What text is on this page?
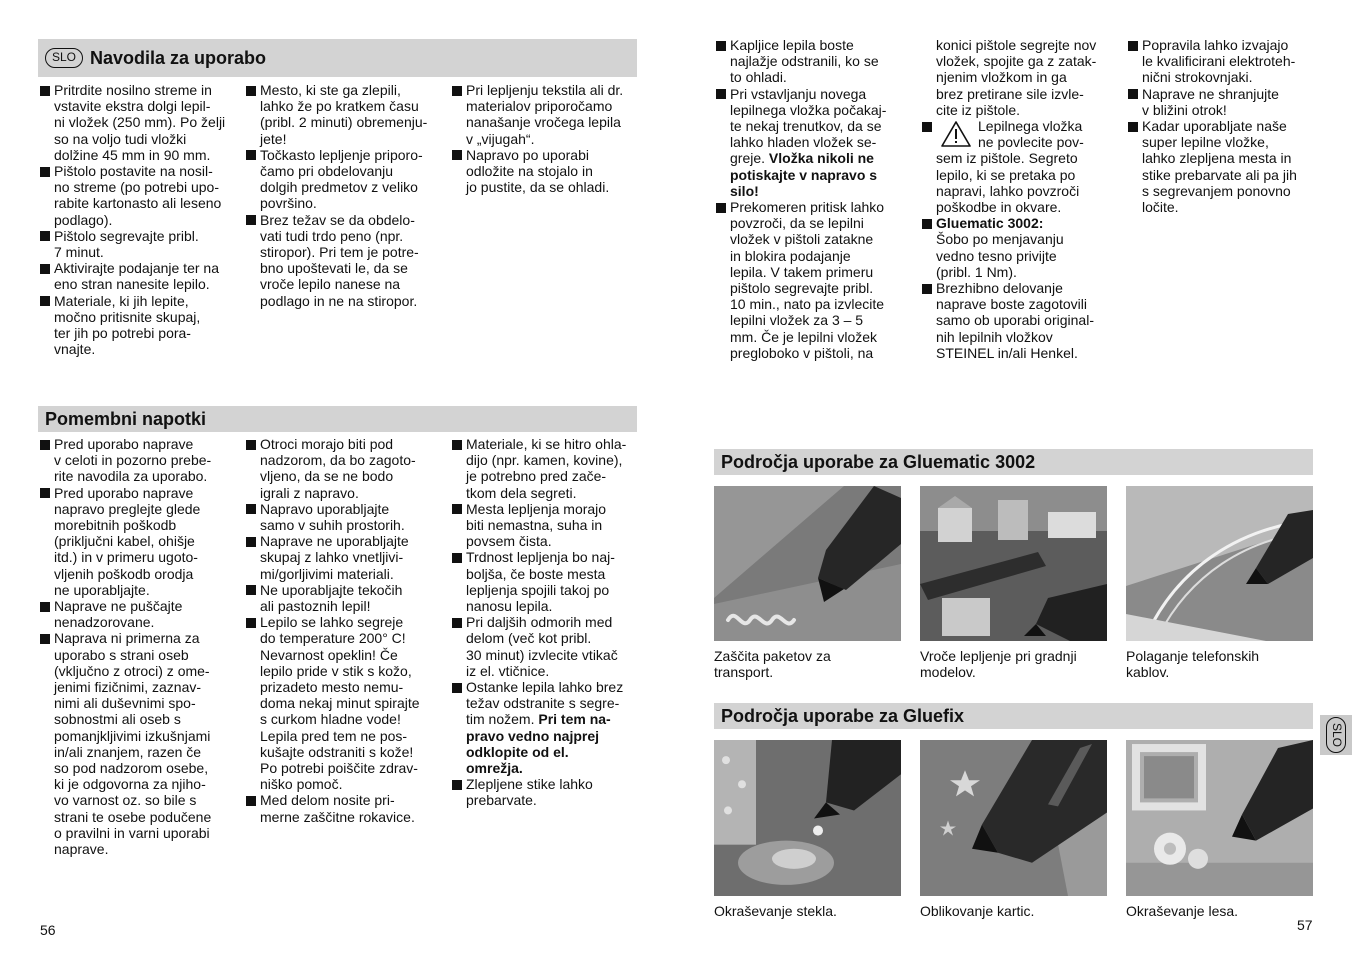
SLO Navodila za uporabo
Pritrdite nosilno streme in
vstavite ekstra dolgi lepil-
ni vložek (250 mm). Po želji
so na voljo tudi vložki
dolžine 45 mm in 90 mm.
Pištolo postavite na nosil-
no streme (po potrebi upo-
rabite kartonasto ali leseno
podlago).
Pištolo segrevajte pribl.
7 minut.
Aktivirajte podajanje ter na
eno stran nanesite lepilo.
Materiale, ki jih lepite,
močno pritisnite skupaj,
ter jih po potrebi pora-
vnajte.
Mesto, ki ste ga zlepili,
lahko že po kratkem času
(pribl. 2 minuti) obremenju-
jete!
Točkasto lepljenje priporo-
čamo pri obdelovanju
dolgih predmetov z veliko
površino.
Brez težav se da obdelo-
vati tudi trdo peno (npr.
stiropor). Pri tem je potre-
bno upoštevati le, da se
vroče lepilo nanese na
podlago in ne na stiropor.
Pri lepljenju tekstila ali dr.
materialov priporočamo
nanašanje vročega lepila
v „vijugah“.
Napravo po uporabi
odložite na stojalo in
jo pustite, da se ohladi.
Pomembni napotki
Pred uporabo naprave
v celoti in pozorno prebe-
rite navodila za uporabo.
Pred uporabo naprave
napravo preglejte glede
morebitnih poškodb
(priključni kabel, ohišje
itd.) in v primeru ugoto-
vljenih poškodb orodja
ne uporabljajte.
Naprave ne puščajte
nenadzorovane.
Naprava ni primerna za
uporabo s strani oseb
(vključno z otroci) z ome-
jenimi fizičnimi, zaznav-
nimi ali duševnimi spo-
sobnostmi ali oseb s
pomanjkljivimi izkušnjami
in/ali znanjem, razen če
so pod nadzorom osebe,
ki je odgovorna za njiho-
vo varnost oz. so bile s
strani te osebe podučene
o pravilni in varni uporabi
naprave.
Otroci morajo biti pod
nadzorom, da bo zagoto-
vljeno, da se ne bodo
igrali z napravo.
Napravo uporabljajte
samo v suhih prostorih.
Naprave ne uporabljajte
skupaj z lahko vnetljivi-
mi/gorljivimi materiali.
Ne uporabljajte tekočih
ali pastoznih lepil!
Lepilo se lahko segreje
do temperature 200° C!
Nevarnost opeklin! Če
lepilo pride v stik s kožo,
prizadeto mesto nemu-
doma nekaj minut spirajte
s curkom hladne vode!
Lepila pred tem ne pos-
kušajte odstraniti s kože!
Po potrebi poiščite zdrav-
niško pomoč.
Med delom nosite pri-
merne zaščitne rokavice.
Materiale, ki se hitro ohla-
dijo (npr. kamen, kovine),
je potrebno pred zače-
tkom dela segreti.
Mesta lepljenja morajo
biti nemastna, suha in
povsem čista.
Trdnost lepljenja bo naj-
boljša, če boste mesta
lepljenja spojili takoj po
nanosu lepila.
Pri daljših odmorih med
delom (več kot pribl.
30 minut) izvlecite vtikač
iz el. vtičnice.
Ostanke lepila lahko brez
težav odstranite s segre-
tim nožem. Pri tem na-
pravo vedno najprej
odklopite od el.
omrežja.
Zlepljene stike lahko
prebarvate.
56
Kapljice lepila boste
najlažje odstranili, ko se
to ohladi.
Pri vstavljanju novega
lepilnega vložka počakaj-
te nekaj trenutkov, da se
lahko hladen vložek se-
greje. Vložka nikoli ne
potiskajte v napravo s
silo!
Prekomeren pritisk lahko
povzroči, da se lepilni
vložek v pištoli zatakne
in blokira podajanje
lepila. V takem primeru
pištolo segrevajte pribl.
10 min., nato pa izvlecite
lepilni vložek za 3 – 5
mm. Če je lepilni vložek
pregloboko v pištoli, na
konici pištole segrejte nov
vložek, spojite ga z zatak-
njenim vložkom in ga
brez pretirane sile izvle-
cite iz pištole.
Lepilnega vložka
ne povlecite pov-
sem iz pištole. Segreto
lepilo, ki se pretaka po
napravi, lahko povzroči
poškodbe in okvare.
Gluematic 3002:
Šobo po menjavanju
vedno tesno privijte
(pribl. 1 Nm).
Brezhibno delovanje
naprave boste zagotovili
samo ob uporabi original-
nih lepilnih vložkov
STEINEL in/ali Henkel.
Popravila lahko izvajajo
le kvalificirani elektroteh-
nični strokovnjaki.
Naprave ne shranjujte
v bližini otrok!
Kadar uporabljate naše
super lepilne vložke,
lahko zlepljena mesta in
stike prebarvate ali pa jih
s segrevanjem ponovno
ločite.
Področja uporabe za Gluematic 3002
Zaščita paketov za
transport.
Vroče lepljenje pri gradnji
modelov.
Polaganje telefonskih
kablov.
Področja uporabe za Gluefix
Okraševanje stekla.	Oblikovanje kartic.	Okraševanje lesa.
57
SLO
